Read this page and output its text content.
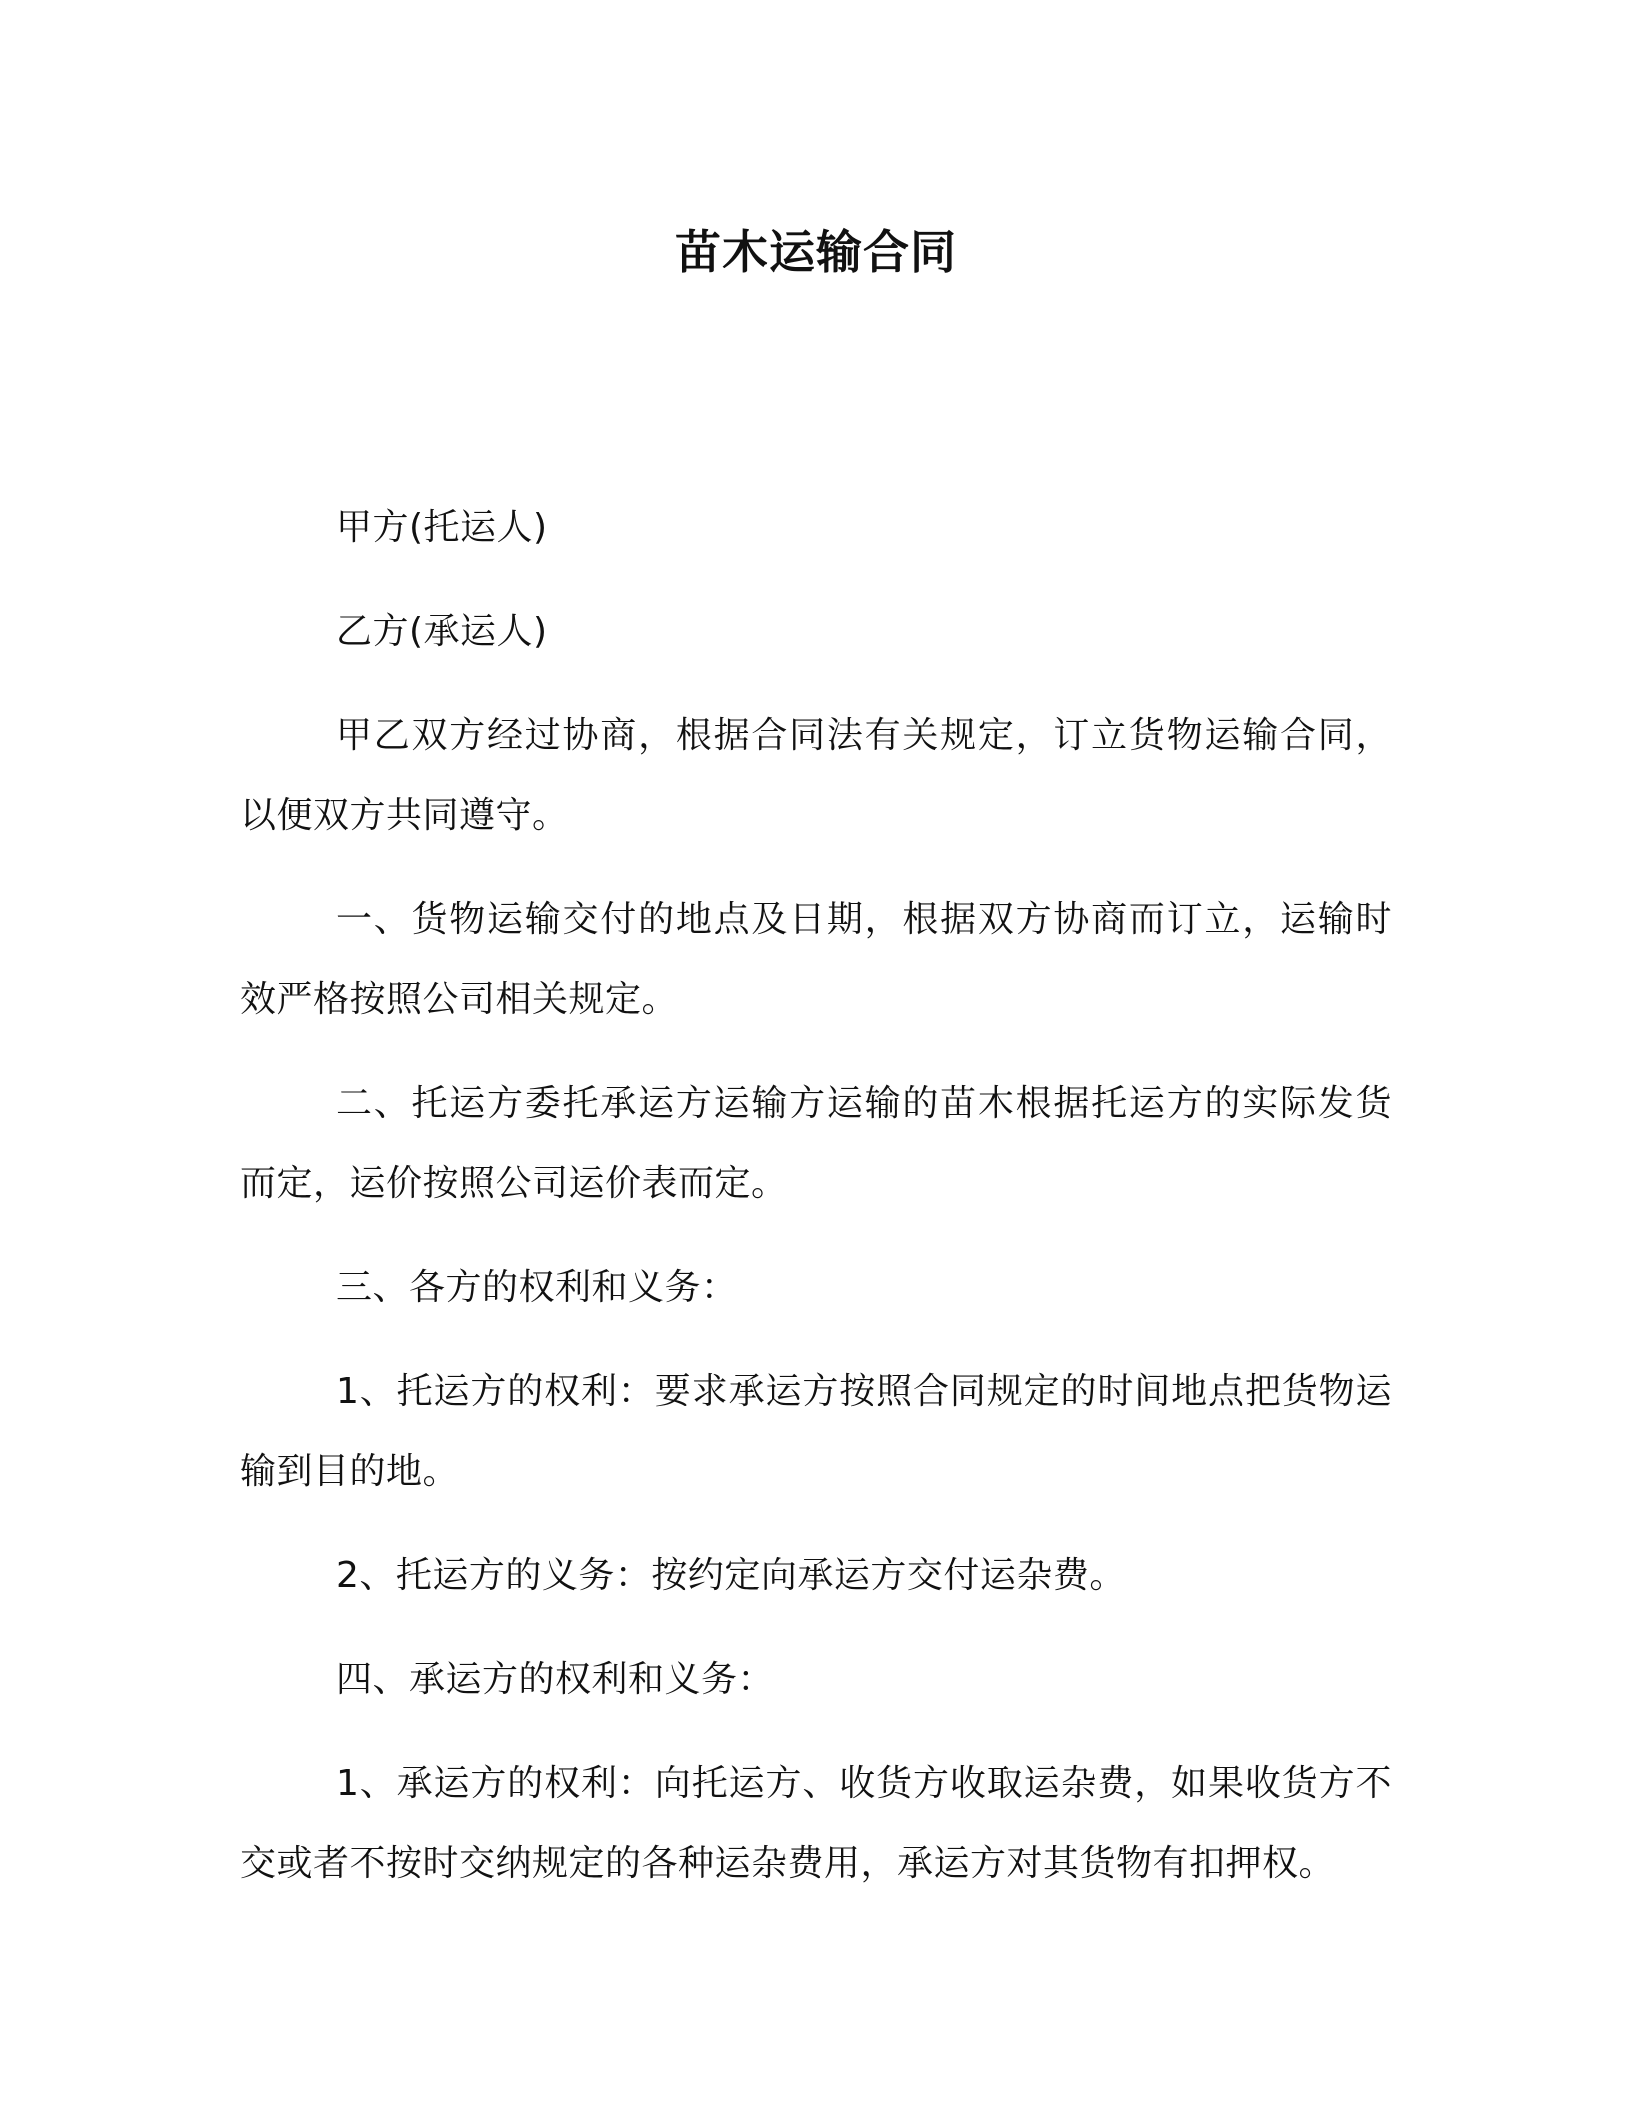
苗木运输合同

甲方(托运人)

乙方(承运人)

甲乙双方经过协商，根据合同法有关规定，订立货物运输合同，以便双方共同遵守。

一、货物运输交付的地点及日期，根据双方协商而订立，运输时效严格按照公司相关规定。

二、托运方委托承运方运输方运输的苗木根据托运方的实际发货而定，运价按照公司运价表而定。

三、各方的权利和义务：

1、托运方的权利：要求承运方按照合同规定的时间地点把货物运输到目的地。

2、托运方的义务：按约定向承运方交付运杂费。

四、承运方的权利和义务：

1、承运方的权利：向托运方、收货方收取运杂费，如果收货方不交或者不按时交纳规定的各种运杂费用，承运方对其货物有扣押权。
